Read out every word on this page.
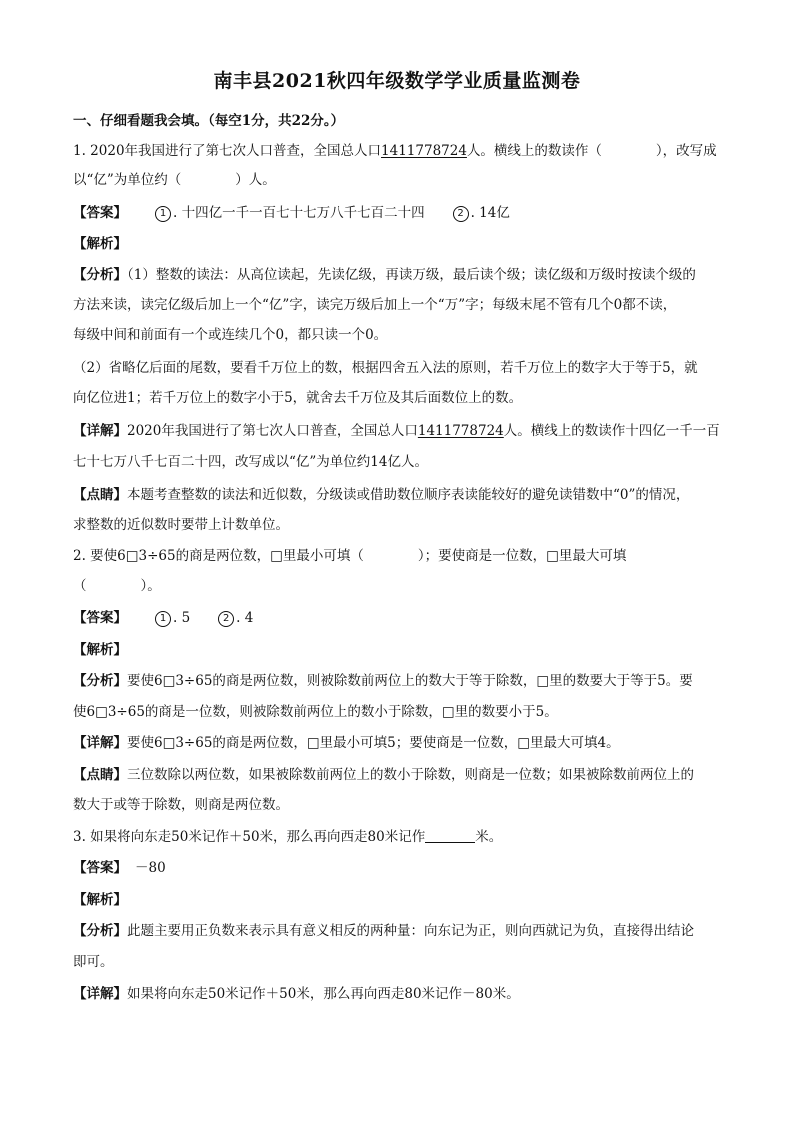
南丰县2021秋四年级数学学业质量监测卷
一、仔细看题我会填。（每空1分，共22分。）
1. 2020年我国进行了第七次人口普查，全国总人口1411778724人。横线上的数读作（　　　　），改写成
以“亿”为单位约（　　　　）人。
【答案】	1 . 十四亿一千一百七十七万八千七百二十四	2 . 14亿
【解析】
【分析】（1）整数的读法：从高位读起，先读亿级，再读万级，最后读个级；读亿级和万级时按读个级的
方法来读，读完亿级后加上一个“亿”字，读完万级后加上一个“万”字；每级末尾不管有几个0都不读，
每级中间和前面有一个或连续几个0，都只读一个0。
（2）省略亿后面的尾数，要看千万位上的数，根据四舍五入法的原则，若千万位上的数字大于等于5，就
向亿位进1；若千万位上的数字小于5，就舍去千万位及其后面数位上的数。
【详解】2020年我国进行了第七次人口普查，全国总人口1411778724人。横线上的数读作十四亿一千一百
七十七万八千七百二十四，改写成以“亿”为单位约14亿人。
【点睛】本题考查整数的读法和近似数，分级读或借助数位顺序表读能较好的避免读错数中“0”的情况，
求整数的近似数时要带上计数单位。
2. 要使6□3÷65的商是两位数，□里最小可填（　　　　）；要使商是一位数，□里最大可填
（　　　　）。
【答案】	1 . 5	2 . 4
【解析】
【分析】要使6□3÷65的商是两位数，则被除数前两位上的数大于等于除数，□里的数要大于等于5。要
使6□3÷65的商是一位数，则被除数前两位上的数小于除数，□里的数要小于5。
【详解】要使6□3÷65的商是两位数，□里最小可填5；要使商是一位数，□里最大可填4。
【点睛】三位数除以两位数，如果被除数前两位上的数小于除数，则商是一位数；如果被除数前两位上的
数大于或等于除数，则商是两位数。
3. 如果将向东走50米记作＋50米，那么再向西走80米记作	米。
【答案】 －80
【解析】
【分析】此题主要用正负数来表示具有意义相反的两种量：向东记为正，则向西就记为负，直接得出结论
即可。
【详解】如果将向东走50米记作＋50米，那么再向西走80米记作－80米。
